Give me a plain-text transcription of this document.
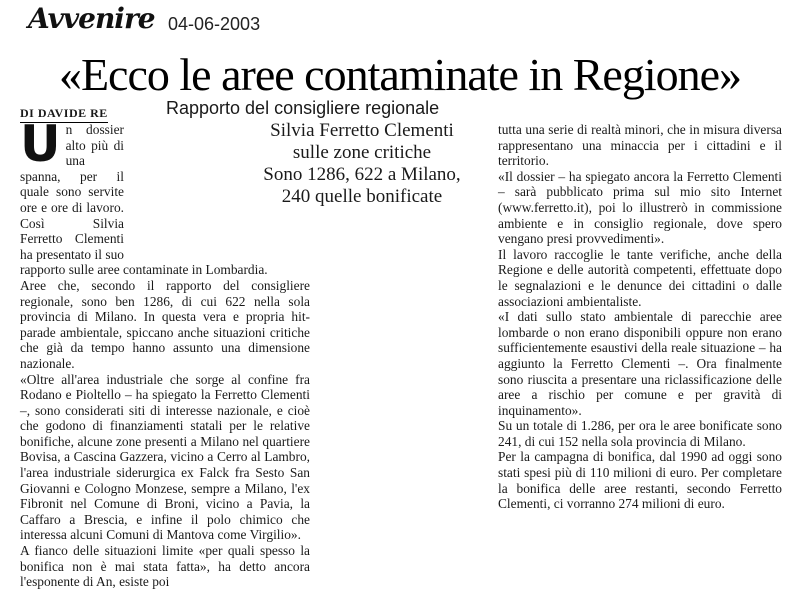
Avvenire 04-06-2003
«Ecco le aree contaminate in Regione»
DI DAVIDE RE	Rapporto del consigliere regionale
Silvia Ferretto Clementi
sulle zone critiche
Sono 1286, 622 a Milano,
240 quelle bonificate
U n dossier alto più di una spanna, per il quale sono servite ore e ore di lavoro. Così Silvia Ferretto Clementi ha presentato il suo rapporto sulle aree contaminate in Lombardia.

Aree che, secondo il rapporto del consigliere regionale, sono ben 1286, di cui 622 nella sola provincia di Milano. In questa vera e propria hit-parade ambientale, spiccano anche situazioni critiche che già da tempo hanno assunto una dimensione nazionale.

«Oltre all'area industriale che sorge al confine fra Rodano e Pioltello – ha spiegato la Ferretto Clementi –, sono considerati siti di interesse nazionale, e cioè che godono di finanziamenti statali per le relative bonifiche, alcune zone presenti a Milano nel quartiere Bovisa, a Cascina Gazzera, vicino a Cerro al Lambro, l'area industriale siderurgica ex Falck fra Sesto San Giovanni e Cologno Monzese, sempre a Milano, l'ex Fibronit nel Comune di Broni, vicino a Pavia, la Caffaro a Brescia, e infine il polo chimico che interessa alcuni Comuni di Mantova come Virgilio».

A fianco delle situazioni limite «per quali spesso la bonifica non è mai stata fatta», ha detto ancora l'esponente di An, esiste poi

tutta una serie di realtà minori, che in misura diversa rappresentano una minaccia per i cittadini e il territorio.

«Il dossier – ha spiegato ancora la Ferretto Clementi – sarà pubblicato prima sul mio sito Internet (www.ferretto.it), poi lo illustrerò in commissione ambiente e in consiglio regionale, dove spero vengano presi provvedimenti».

Il lavoro raccoglie le tante verifiche, anche della Regione e delle autorità competenti, effettuate dopo le segnalazioni e le denunce dei cittadini o dalle associazioni ambientaliste.

«I dati sullo stato ambientale di parecchie aree lombarde o non erano disponibili oppure non erano sufficientemente esaustivi della reale situazione – ha aggiunto la Ferretto Clementi –. Ora finalmente sono riuscita a presentare una riclassificazione delle aree a rischio per comune e per gravità di inquinamento».

Su un totale di 1.286, per ora le aree bonificate sono 241, di cui 152 nella sola provincia di Milano.

Per la campagna di bonifica, dal 1990 ad oggi sono stati spesi più di 110 milioni di euro. Per completare la bonifica delle aree restanti, secondo Ferretto Clementi, ci vorranno 274 milioni di euro.
